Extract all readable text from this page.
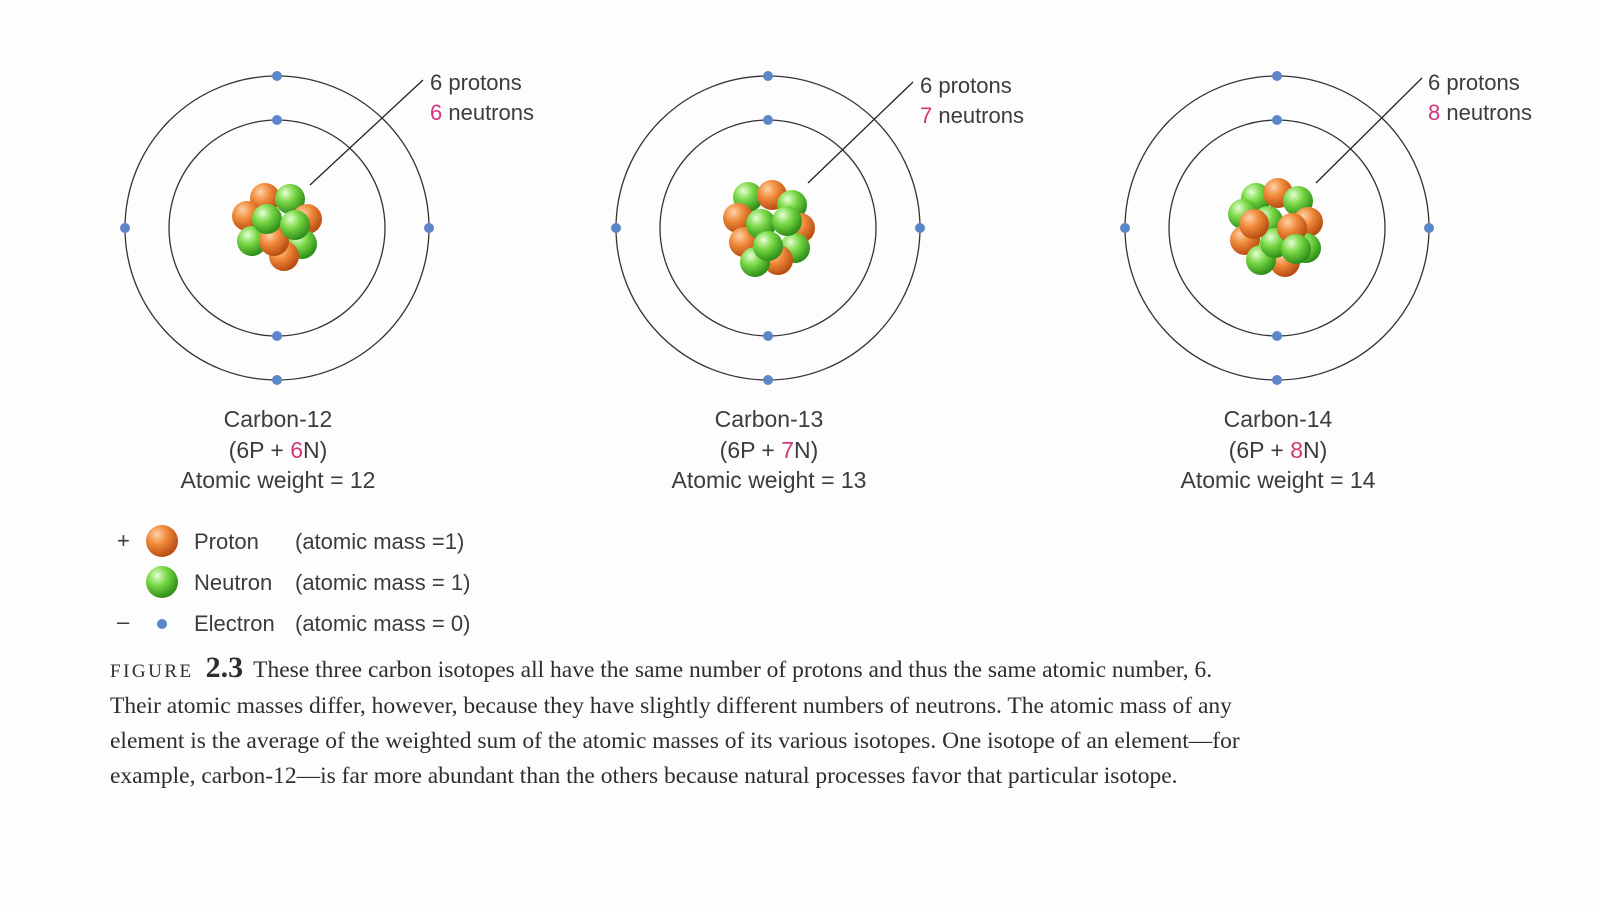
6 protons
6 neutrons
Carbon-12
(6P + 6N)
Atomic weight = 12
6 protons
7 neutrons
Carbon-13
(6P + 7N)
Atomic weight = 13
6 protons
8 neutrons
Carbon-14
(6P + 8N)
Atomic weight = 14
+	Proton (atomic mass =1)
Neutron (atomic mass = 1)
–	Electron (atomic mass = 0)
FIGURE 2.3 These three carbon isotopes all have the same number of protons and thus the same atomic number, 6. Their atomic masses differ, however, because they have slightly different numbers of neutrons. The atomic mass of any element is the average of the weighted sum of the atomic masses of its various isotopes. One isotope of an element—for example, carbon-12—is far more abundant than the others because natural processes favor that particular isotope.
